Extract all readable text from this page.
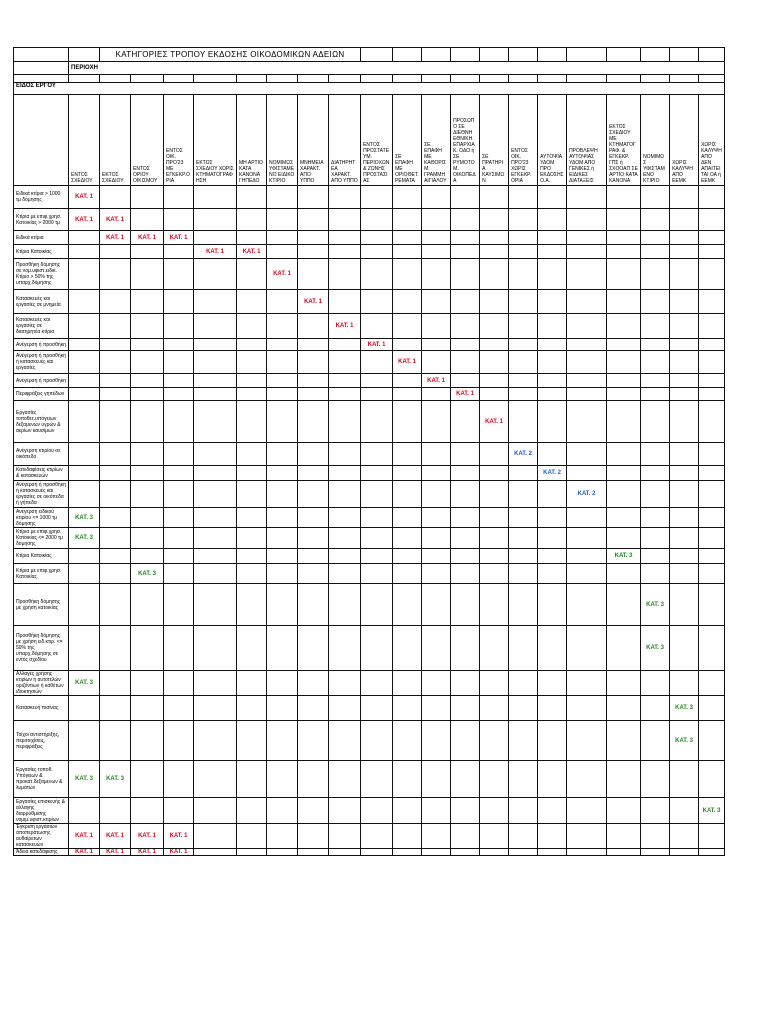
		ΚΑΤΗΓΟΡΙΕΣ ΤΡΟΠΟΥ ΕΚΔΟΣΗΣ ΟΙΚΟΔΟΜΙΚΩΝ ΑΔΕΙΩΝ																			
	ΠΕΡΙΟΧΗ																				

ΕΙΔΟΣ ΕΡΓΟΥ																					
	ΕΝΤΟΣ ΣΧΕΔΙΟΥ	ΕΚΤΟΣ ΣΧΕΔΙΟΥ	ΕΝΤΟΣ ΟΡΙΟΥ ΟΙΚΙΣΜΟΥ	ΕΝΤΟΣ ΟΙΚ. ΠΡΟ'23 ΜΕ ΕΓΚΕΚΡ.ΟΡΙΑ	ΕΚΤΟΣ ΣΧΕΔΙΟΥ ΧΩΡΙΣ ΚΤΗΜΑΤΟΓΡΑΦΗΣΗ	ΜΗ ΑΡΤΙΟ ΚΑΤΑ ΚΑΝΟΝΑ ΓΗΠΕΔΟ	ΝΟΜΙΜΩΣ ΥΦΙΣΤΑΜΕΝΟ ΕΙΔΙΚΟ ΚΤΙΡΙΟ	ΜΝΗΜΕΙΑ ΧΑΡΑΚΤ. ΑΠΟ ΥΠΠΟ	ΔΙΑΤΗΡΗΤΕΑ ΧΑΡΑΚΤ. ΑΠΟ ΥΠΠΟ	ΕΝΤΟΣ ΠΡΟΣΤΑΤΕΥΜ. ΠΕΡΙΟΧΩΝ & ΖΩΝΗΣ ΠΡΟΣΤΑΣΙΑΣ	ΣΕ ΕΠΑΦΗ ΜΕ ΟΡΙΟΘΕΤ. ΡΕΜΑΤΑ	ΣΕ ΕΠΑΦΗ ΜΕ ΚΑΘΟΡΙΣΜ. ΓΡΑΜΜΗ ΑΙΓΙΑΛΟΥ	ΠΡΟΣΩΠΟ ΣΕ ΔΙΕΘΝΗ ΕΘΝΙΚΗ ΕΠΑΡΧΙΑΚ. ΟΔΟ ή ΣΕ ΡΥΜΟΤΟΜ. ΟΙΚΟΠΕΔΑ	ΣΕ ΠΡΑΤΗΡΙΑ ΚΑΥΣΙΜΩΝ	ΕΝΤΟΣ ΟΙΚ. ΠΡΟ'23 ΧΩΡΙΣ ΕΓΚΕΚΡ. ΟΡΙΑ	ΑΥΤΟΨΙΑ ΥΔΟΜ ΠΡΟ ΕΚΔΟΣΗΣ Ο.Α.	ΠΡΟΒΛΕΨΗ ΑΥΤΟΨΙΑΣ ΥΔΟΜ ΑΠΟ ΓΕΝΙΚΕΣ ή ΕΙΔΙΚΕΣ ΔΙΑΤΑΞΕΙΣ	ΕΚΤΟΣ ΣΧΕΔΙΟΥ ΜΕ ΚΤΗΜΑΤΟΓΡΑΦ. & ΕΓΚΕΚΡ. ΓΠΣ ή ΣΧΟΟΑΠ ΣΕ ΑΡΤΙΟ ΚΑΤΑ ΚΑΝΟΝΑ	ΝΟΜΙΜΩΣ ΥΦΙΣΤΑΜΕΝΟ ΚΤΙΡΙΟ	ΧΩΡΙΣ ΚΑΛΥΨΗ ΑΠΟ ΕΕΜΚ	ΧΩΡΙΣ ΚΑΛΥΨΗ ΑΠΟ ΔΕΝ ΑΠΑΙΤΕΙΤΑΙ ΟΑ ή ΕΕΜΚ
Ειδικά κτίρια > 1000 τμ δόμησης	ΚΑΤ. 1																				
Κτίρια με επιφ.χρησ. Κατοικίας > 2000 τμ	ΚΑΤ. 1	ΚΑΤ. 1																			
Ειδικά κτίρια		ΚΑΤ. 1	ΚΑΤ. 1	ΚΑΤ. 1																	
Κτίρια Κατοικίας					ΚΑΤ. 1	ΚΑΤ. 1															
Προσθήκη δόμησης σε νομ.υφιστ.ειδικ. Κτίριο > 50% της υπαρχ.δόμησης							ΚΑΤ. 1														
Κατασκευές και εργασίες σε μνημεία								ΚΑΤ. 1													
Κατασκευές και εργασίες σε διατηρητέα κτίρια									ΚΑΤ. 1												
Ανέγερση ή προσθήκη										ΚΑΤ. 1											
Ανέγερση ή προσθήκη ή κατασκευές και εργασίες											ΚΑΤ. 1										
Ανέγερση ή προσθήκη												ΚΑΤ. 1									
Περιφράξεις γηπέδων													ΚΑΤ. 1								
Εργασίες τοποθετ.υπόγειων δεξαμενών υγρών & αερίων καυσίμων														ΚΑΤ. 1							
Ανέγερση κτιρίου σε οικόπεδο															ΚΑΤ. 2						
Κατεδαφίσεις κτιρίων & κατασκευών																ΚΑΤ. 2					
Ανέγερση ή προσθήκη ή κατασκευές και εργασίες σε οικόπεδα ή γήπεδα																	ΚΑΤ. 2				
Ανέγερση ειδικού κτιρίου <= 1000 τμ δόμησης	ΚΑΤ. 3																				
Κτίρια με επιφ.χρησ. Κατοικίας <= 2000 τμ δόμησης	ΚΑΤ. 3																				
Κτίρια Κατοικίας																		ΚΑΤ. 3			
Κτίρια με επιφ.χρησ. Κατοικίας			ΚΑΤ. 3																		
Προσθήκη δόμησης με χρήση κατοικίας																			ΚΑΤ. 3		
Προσθήκη δόμησης με χρήση ειδ.κτιρ. <= 50% της υπαρχ.δόμησης σε εντός σχεδίου																			ΚΑΤ. 3		
Αλλαγές χρήσης κτιρίων ή αυτοτελών οριζόντιων ή καθέτων ιδιοκτησιών	ΚΑΤ. 3																				
Κατασκευή πισίνας																				ΚΑΤ. 3	
Τοίχοι αντιστήριξης, περιτοιχίσεις, περιφράξεις																				ΚΑΤ. 3	
Εργασίες τοποθ. Υπόγειων & προκατ.δεξαμενων & λυμάτων	ΚΑΤ. 3	ΚΑΤ. 3																			
Εργασίες επισκευής & αλλαγής διαρρύθμισης νομιμ.υφιστ.κτιρίων																					ΚΑΤ. 3
Έγκριση εργασιών αποπεράτωσης αυθαίρετων κατασκευών	ΚΑΤ. 1	ΚΑΤ. 1	ΚΑΤ. 1	ΚΑΤ. 1																	
Άδεια κατεδάφισης	ΚΑΤ. 1	ΚΑΤ. 1	ΚΑΤ. 1	ΚΑΤ. 1																	
